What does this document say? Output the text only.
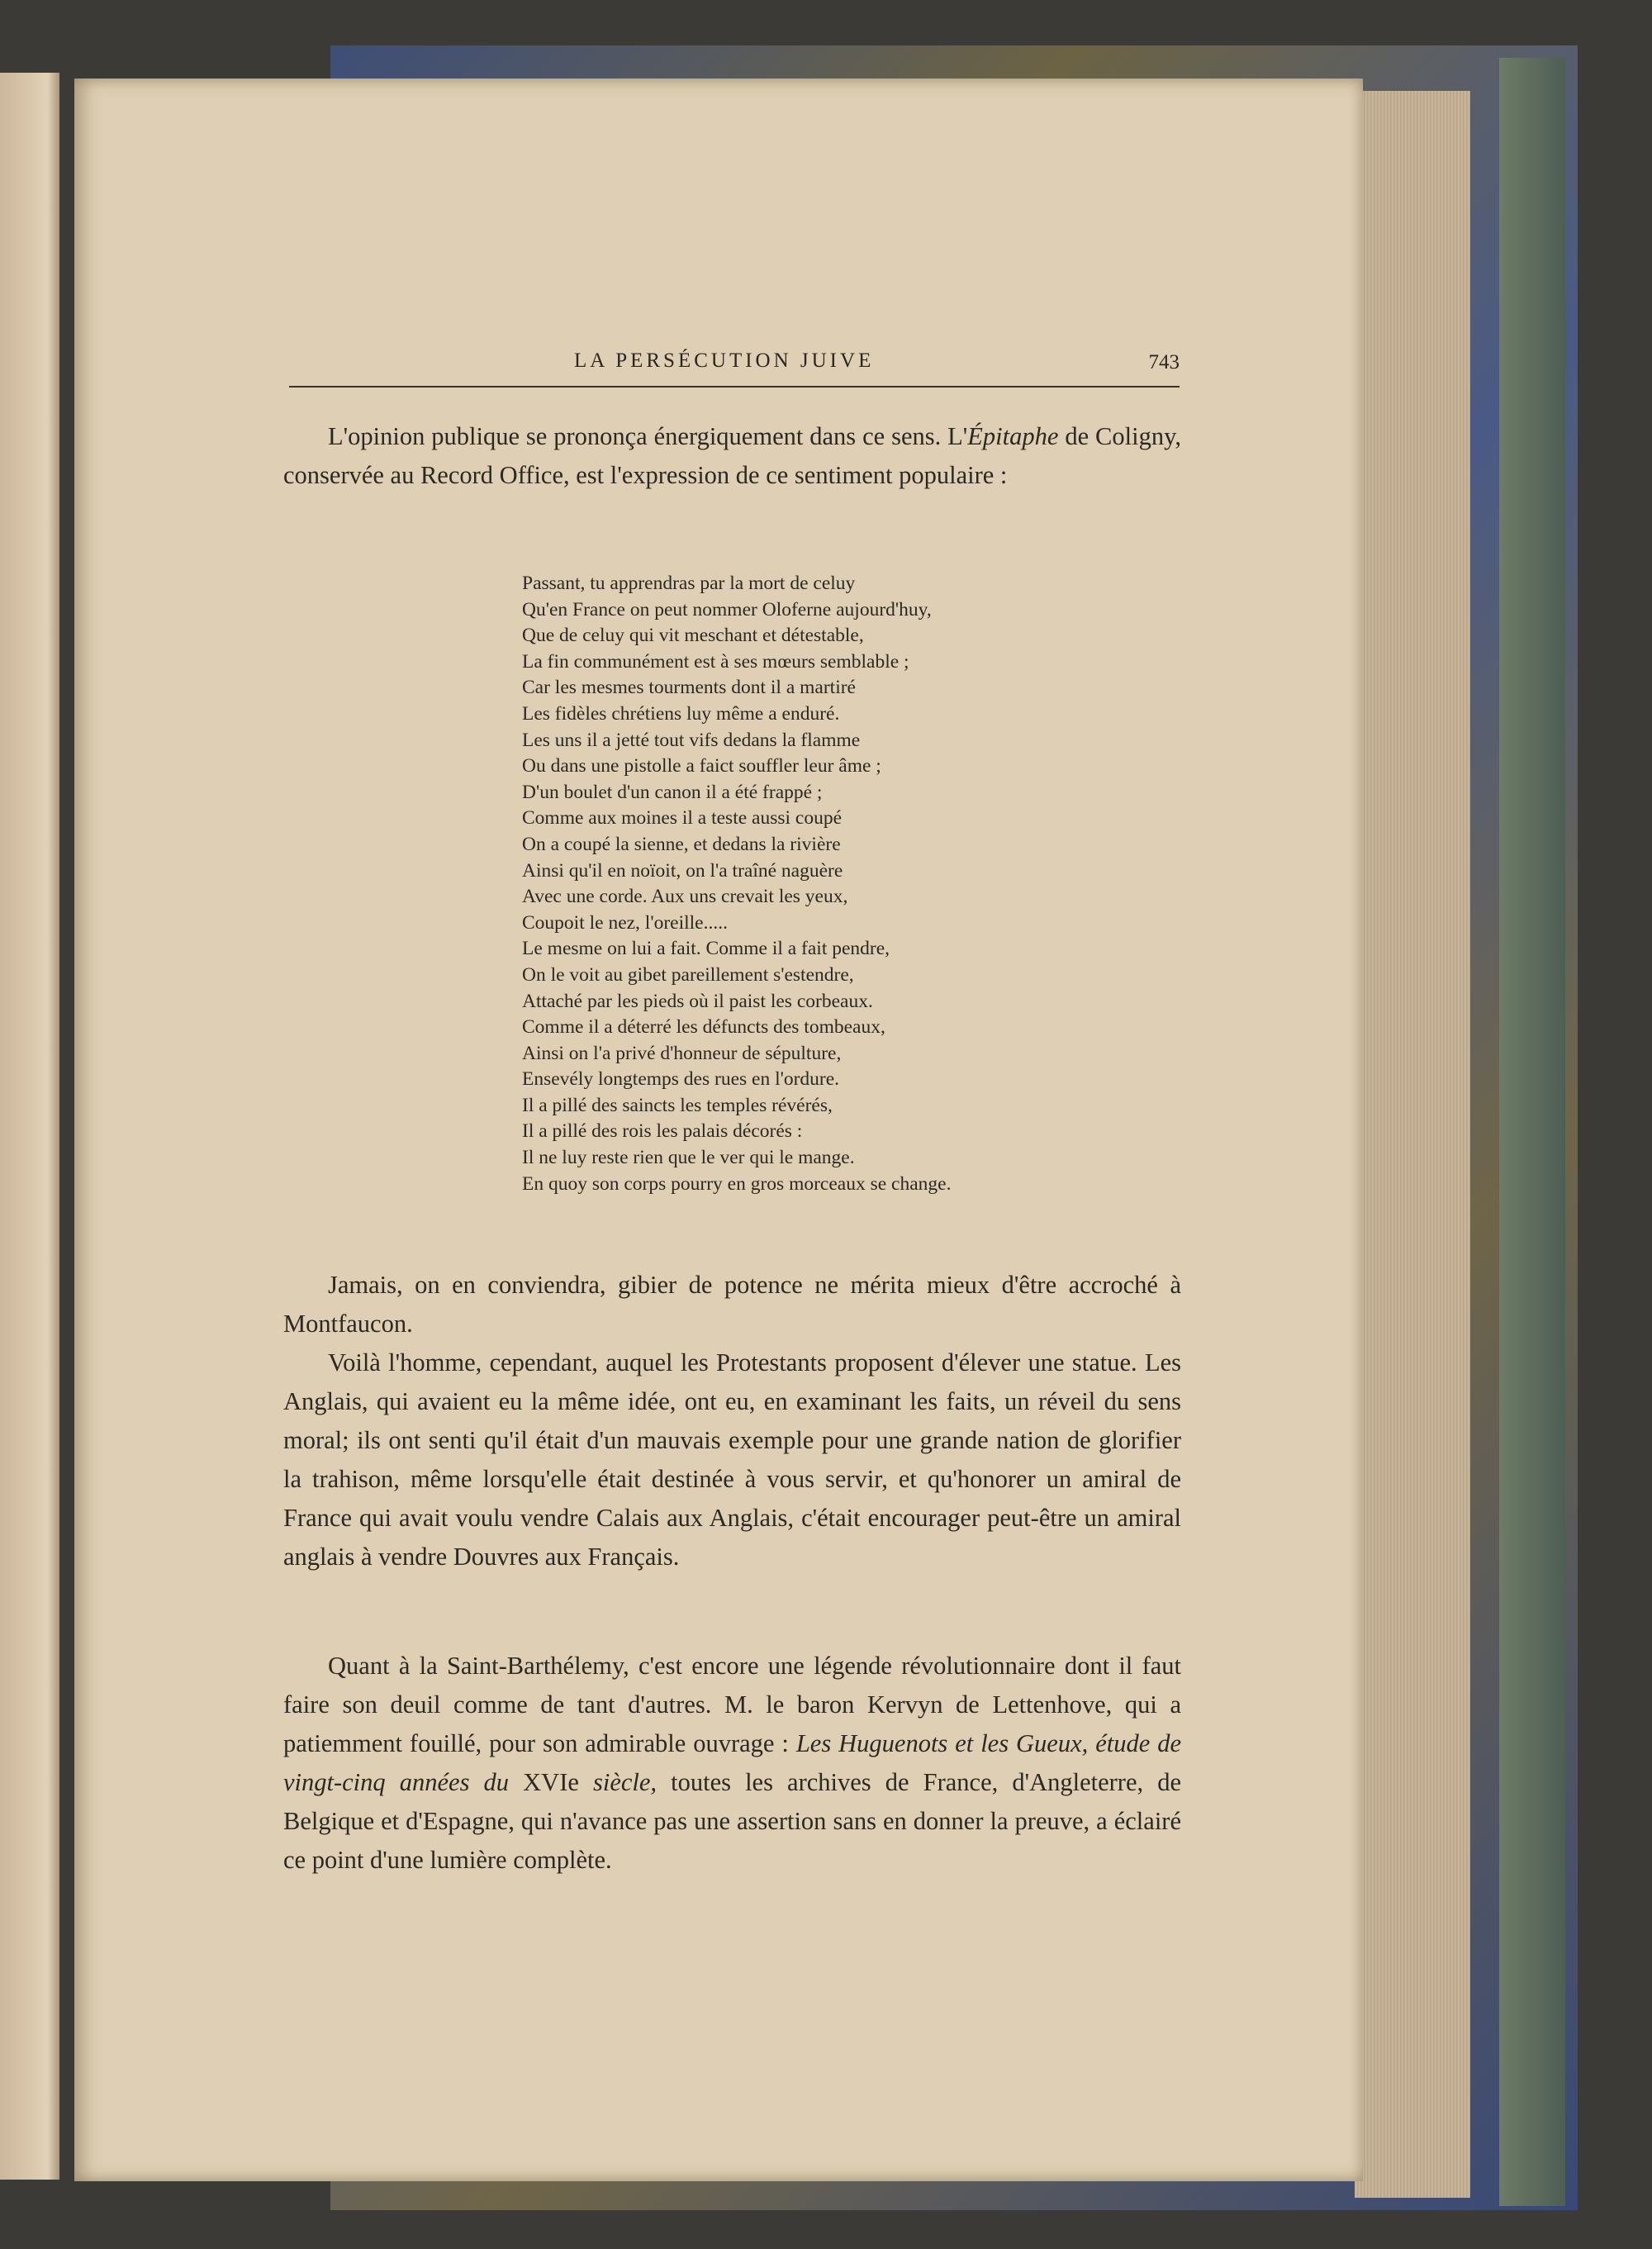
LA PERSÉCUTION JUIVE	743

L'opinion publique se prononça énergiquement dans ce sens. L'Épitaphe de Coligny, conservée au Record Office, est l'expression de ce sentiment populaire :

Passant, tu apprendras par la mort de celuy
Qu'en France on peut nommer Oloferne aujourd'huy,
Que de celuy qui vit meschant et détestable,
La fin communément est à ses mœurs semblable ;
Car les mesmes tourments dont il a martiré
Les fidèles chrétiens luy même a enduré.
Les uns il a jetté tout vifs dedans la flamme
Ou dans une pistolle a faict souffler leur âme ;
D'un boulet d'un canon il a été frappé ;
Comme aux moines il a teste aussi coupé
On a coupé la sienne, et dedans la rivière
Ainsi qu'il en noïoit, on l'a traîné naguère
Avec une corde. Aux uns crevait les yeux,
Coupoit le nez, l'oreille.....
Le mesme on lui a fait. Comme il a fait pendre,
On le voit au gibet pareillement s'estendre,
Attaché par les pieds où il paist les corbeaux.
Comme il a déterré les défuncts des tombeaux,
Ainsi on l'a privé d'honneur de sépulture,
Ensevély longtemps des rues en l'ordure.
Il a pillé des saincts les temples révérés,
Il a pillé des rois les palais décorés :
Il ne luy reste rien que le ver qui le mange.
En quoy son corps pourry en gros morceaux se change.

Jamais, on en conviendra, gibier de potence ne mérita mieux d'être accroché à Montfaucon.

Voilà l'homme, cependant, auquel les Protestants proposent d'élever une statue. Les Anglais, qui avaient eu la même idée, ont eu, en examinant les faits, un réveil du sens moral; ils ont senti qu'il était d'un mauvais exemple pour une grande nation de glorifier la trahison, même lorsqu'elle était destinée à vous servir, et qu'honorer un amiral de France qui avait voulu vendre Calais aux Anglais, c'était encourager peut-être un amiral anglais à vendre Douvres aux Français.

Quant à la Saint-Barthélemy, c'est encore une légende révolutionnaire dont il faut faire son deuil comme de tant d'autres. M. le baron Kervyn de Lettenhove, qui a patiemment fouillé, pour son admirable ouvrage : Les Huguenots et les Gueux, étude de vingt-cinq années du XVIe siècle, toutes les archives de France, d'Angleterre, de Belgique et d'Espagne, qui n'avance pas une assertion sans en donner la preuve, a éclairé ce point d'une lumière complète.
